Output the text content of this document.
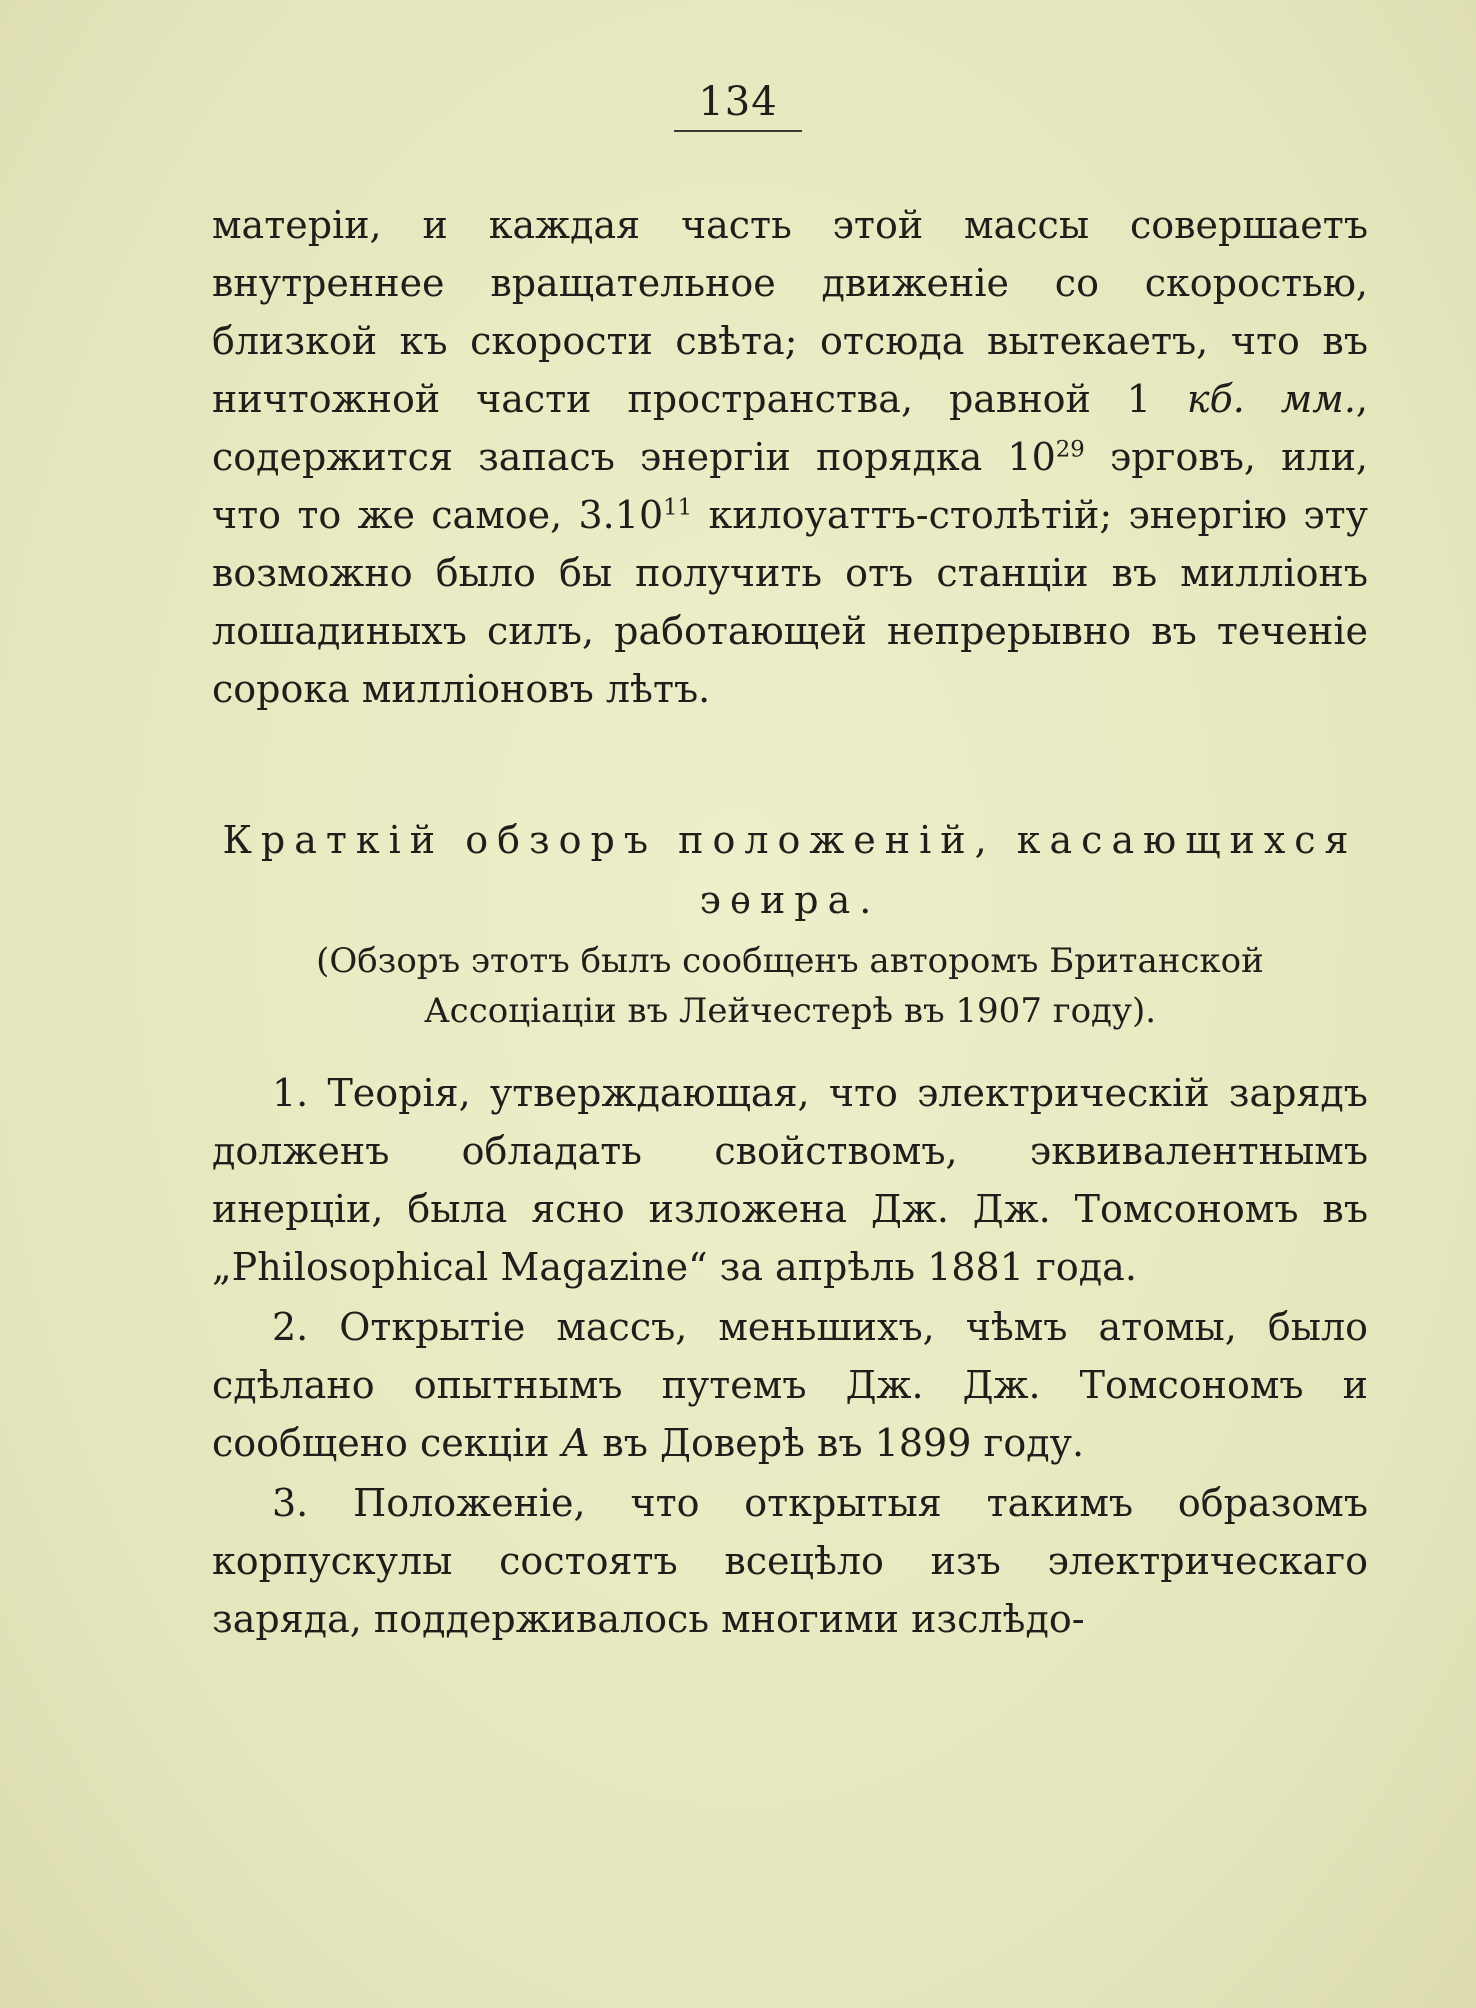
134

матеріи, и каждая часть этой массы совершаетъ внутреннее вращательное движеніе со скоростью, близкой къ скорости свѣта; отсюда вытекаетъ, что въ ничтожной части пространства, равной 1 кб. мм., содержится запасъ энергіи порядка $10^{29}$ эрговъ, или, что то же самое, 3.10$^{11}$ килоуаттъ-столѣтій; энергію эту возможно было бы получить отъ станціи въ милліонъ лошадиныхъ силъ, работающей непрерывно въ теченіе сорока милліоновъ лѣтъ.

Краткій обзоръ положеній, касающихся эѳира.
(Обзоръ этотъ былъ сообщенъ авторомъ Британской Ассоціаціи въ Лейчестерѣ въ 1907 году).

1. Теорія, утверждающая, что электрическій зарядъ долженъ обладать свойствомъ, эквивалентнымъ инерціи, была ясно изложена Дж. Дж. Томсономъ въ „Philosophical Magazine“ за апрѣль 1881 года.

2. Открытіе массъ, меньшихъ, чѣмъ атомы, было сдѣлано опытнымъ путемъ Дж. Дж. Томсономъ и сообщено секціи А въ Доверѣ въ 1899 году.

3. Положеніе, что открытыя такимъ образомъ корпускулы состоятъ всецѣло изъ электрическаго заряда, поддерживалось многими изслѣдо-
